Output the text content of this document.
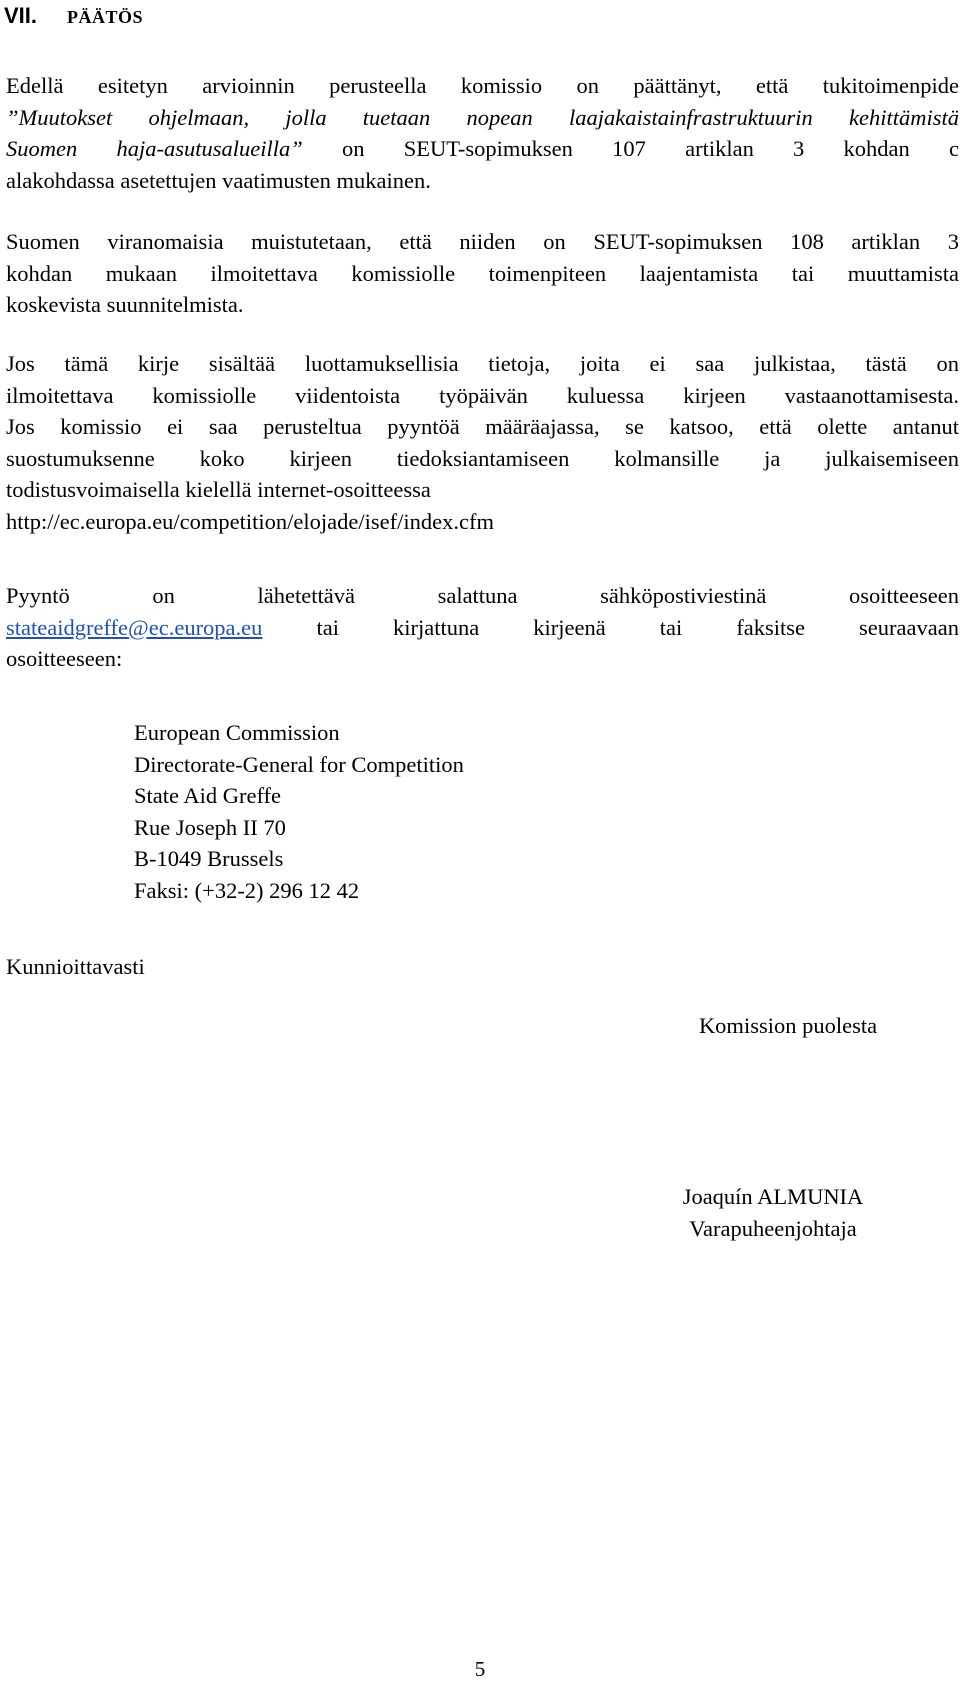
VII. PÄÄTÖS
Edellä esitetyn arvioinnin perusteella komissio on päättänyt, että tukitoimenpide
”Muutokset ohjelmaan, jolla tuetaan nopean laajakaistainfrastruktuurin kehittämistä
Suomen haja-asutusalueilla” on SEUT-sopimuksen 107 artiklan 3 kohdan c
alakohdassa asetettujen vaatimusten mukainen.
Suomen viranomaisia muistutetaan, että niiden on SEUT-sopimuksen 108 artiklan 3
kohdan mukaan ilmoitettava komissiolle toimenpiteen laajentamista tai muuttamista
koskevista suunnitelmista.
Jos tämä kirje sisältää luottamuksellisia tietoja, joita ei saa julkistaa, tästä on
ilmoitettava komissiolle viidentoista työpäivän kuluessa kirjeen vastaanottamisesta.
Jos komissio ei saa perusteltua pyyntöä määräajassa, se katsoo, että olette antanut
suostumuksenne koko kirjeen tiedoksiantamiseen kolmansille ja julkaisemiseen
todistusvoimaisella kielellä internet-osoitteessa
http://ec.europa.eu/competition/elojade/isef/index.cfm
Pyyntö on lähetettävä salattuna sähköpostiviestinä osoitteeseen
stateaidgreffe@ec.europa.eu tai kirjattuna kirjeenä tai faksitse seuraavaan
osoitteeseen:
European Commission
Directorate-General for Competition
State Aid Greffe
Rue Joseph II 70
B-1049 Brussels
Faksi: (+32-2) 296 12 42
Kunnioittavasti
Komission puolesta
Joaquín ALMUNIA
Varapuheenjohtaja
5
